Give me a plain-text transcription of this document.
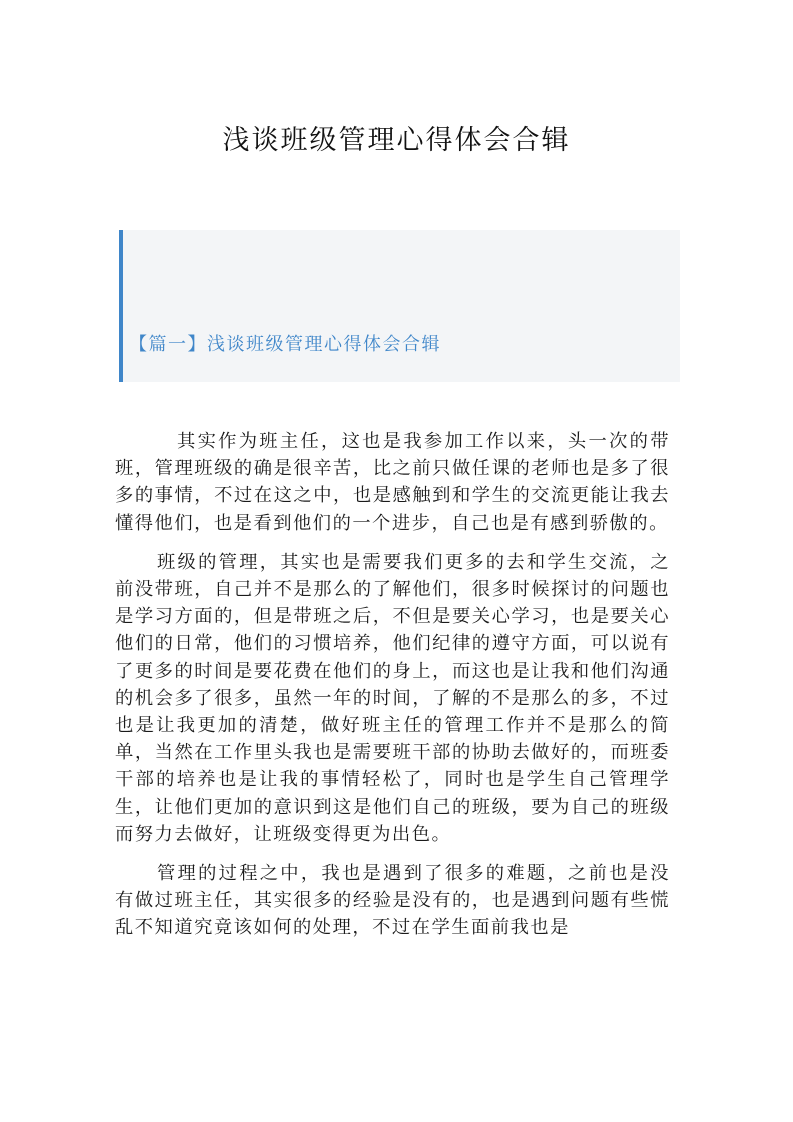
浅谈班级管理心得体会合辑
【篇一】浅谈班级管理心得体会合辑

其实作为班主任，这也是我参加工作以来，头一次的带班，管理班级的确是很辛苦，比之前只做任课的老师也是多了很多的事情，不过在这之中，也是感触到和学生的交流更能让我去懂得他们，也是看到他们的一个进步，自己也是有感到骄傲的。

班级的管理，其实也是需要我们更多的去和学生交流，之前没带班，自己并不是那么的了解他们，很多时候探讨的问题也是学习方面的，但是带班之后，不但是要关心学习，也是要关心他们的日常，他们的习惯培养，他们纪律的遵守方面，可以说有了更多的时间是要花费在他们的身上，而这也是让我和他们沟通的机会多了很多，虽然一年的时间，了解的不是那么的多，不过也是让我更加的清楚，做好班主任的管理工作并不是那么的简单，当然在工作里头我也是需要班干部的协助去做好的，而班委干部的培养也是让我的事情轻松了，同时也是学生自己管理学生，让他们更加的意识到这是他们自己的班级，要为自己的班级而努力去做好，让班级变得更为出色。

管理的过程之中，我也是遇到了很多的难题，之前也是没有做过班主任，其实很多的经验是没有的，也是遇到问题有些慌乱不知道究竟该如何的处理，不过在学生面前我也是
